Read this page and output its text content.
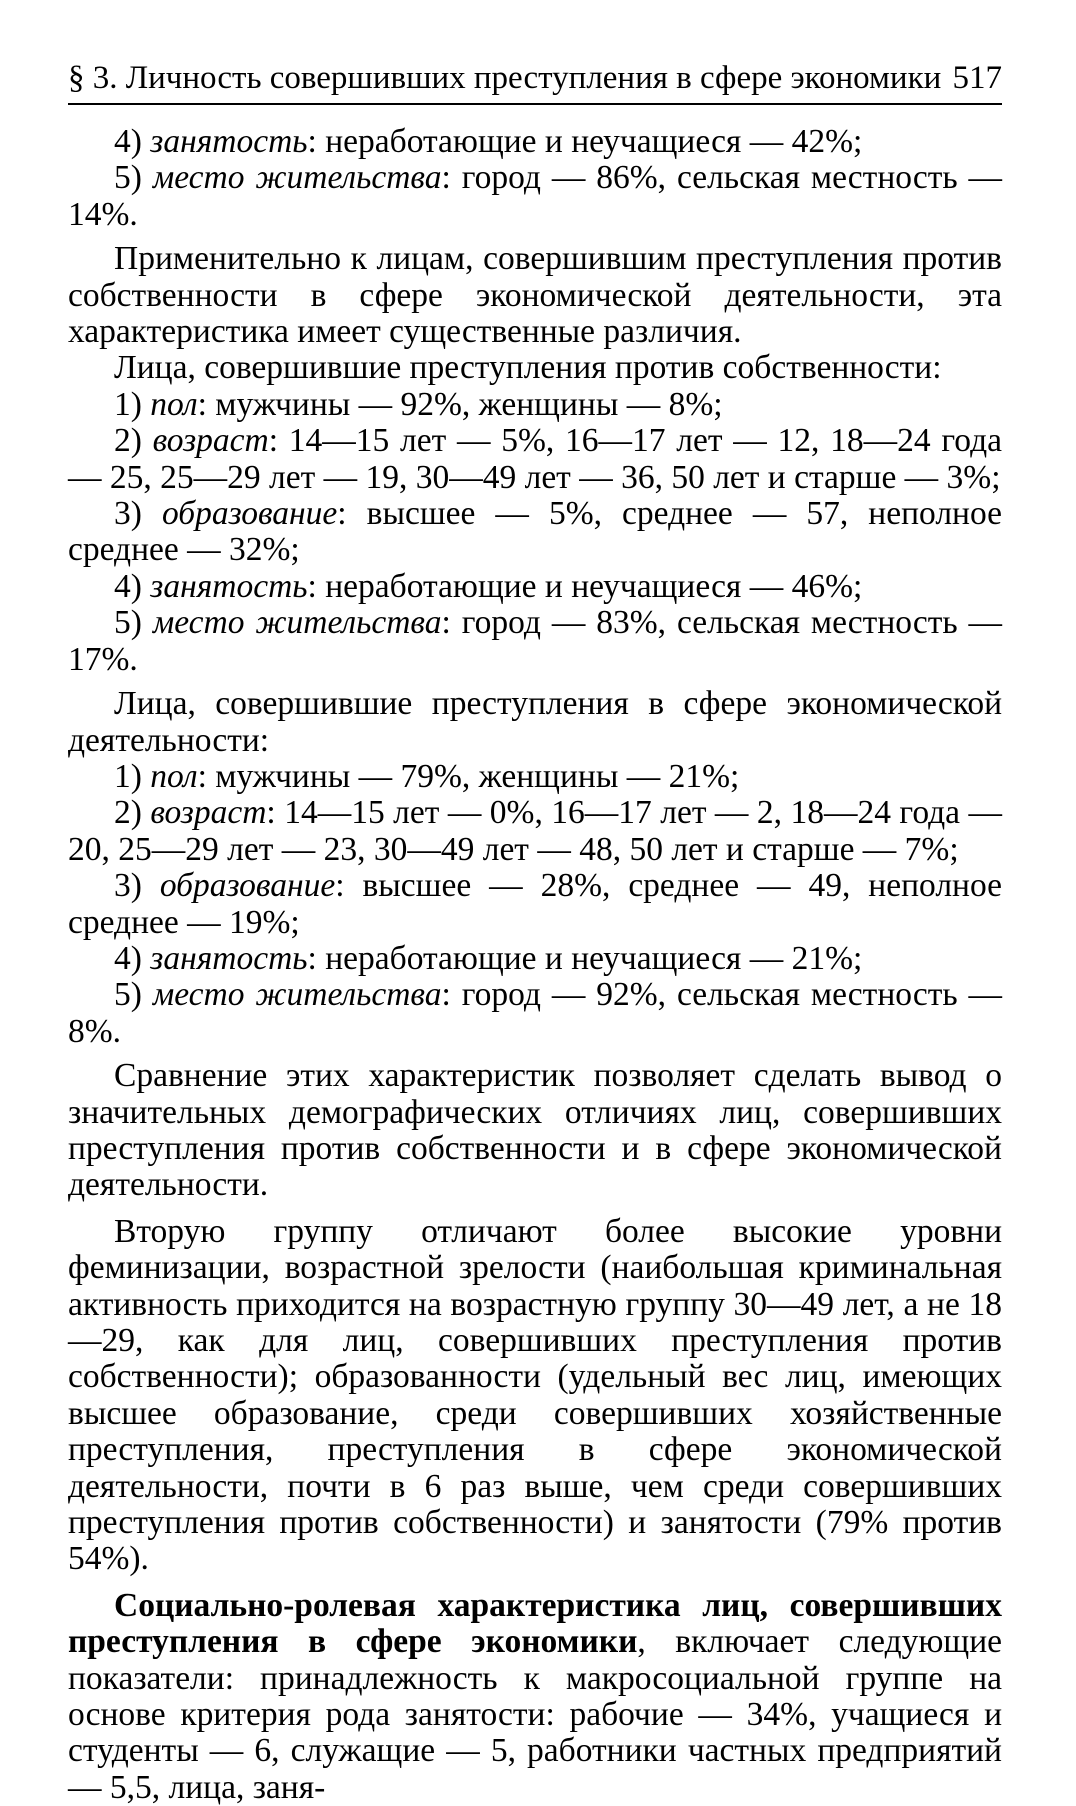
§ 3. Личность совершивших преступления в сфере экономики 517

4) занятость: неработающие и неучащиеся — 42%;

5) место жительства: город — 86%, сельская местность — 14%.

Применительно к лицам, совершившим преступления против собственности в сфере экономической деятельности, эта характеристика имеет существенные различия.

Лица, совершившие преступления против собственности:

1) пол: мужчины — 92%, женщины — 8%;

2) возраст: 14—15 лет — 5%, 16—17 лет — 12, 18—24 года — 25, 25—29 лет — 19, 30—49 лет — 36, 50 лет и старше — 3%;

3) образование: высшее — 5%, среднее — 57, неполное среднее — 32%;

4) занятость: неработающие и неучащиеся — 46%;

5) место жительства: город — 83%, сельская местность — 17%.

Лица, совершившие преступления в сфере экономической деятельности:

1) пол: мужчины — 79%, женщины — 21%;

2) возраст: 14—15 лет — 0%, 16—17 лет — 2, 18—24 года — 20, 25—29 лет — 23, 30—49 лет — 48, 50 лет и старше — 7%;

3) образование: высшее — 28%, среднее — 49, неполное среднее — 19%;

4) занятость: неработающие и неучащиеся — 21%;

5) место жительства: город — 92%, сельская местность — 8%.

Сравнение этих характеристик позволяет сделать вывод о значительных демографических отличиях лиц, совершивших преступления против собственности и в сфере экономической деятельности.

Вторую группу отличают более высокие уровни феминизации, возрастной зрелости (наибольшая криминальная активность приходится на возрастную группу 30—49 лет, а не 18—29, как для лиц, совершивших преступления против собственности); образованности (удельный вес лиц, имеющих высшее образование, среди совершивших хозяйственные преступления, преступления в сфере экономической деятельности, почти в 6 раз выше, чем среди совершивших преступления против собственности) и занятости (79% против 54%).

Социально-ролевая характеристика лиц, совершивших преступления в сфере экономики, включает следующие показатели: принадлежность к макросоциальной группе на основе критерия рода занятости: рабочие — 34%, учащиеся и студенты — 6, служащие — 5, работники частных предприятий — 5,5, лица, заня-
